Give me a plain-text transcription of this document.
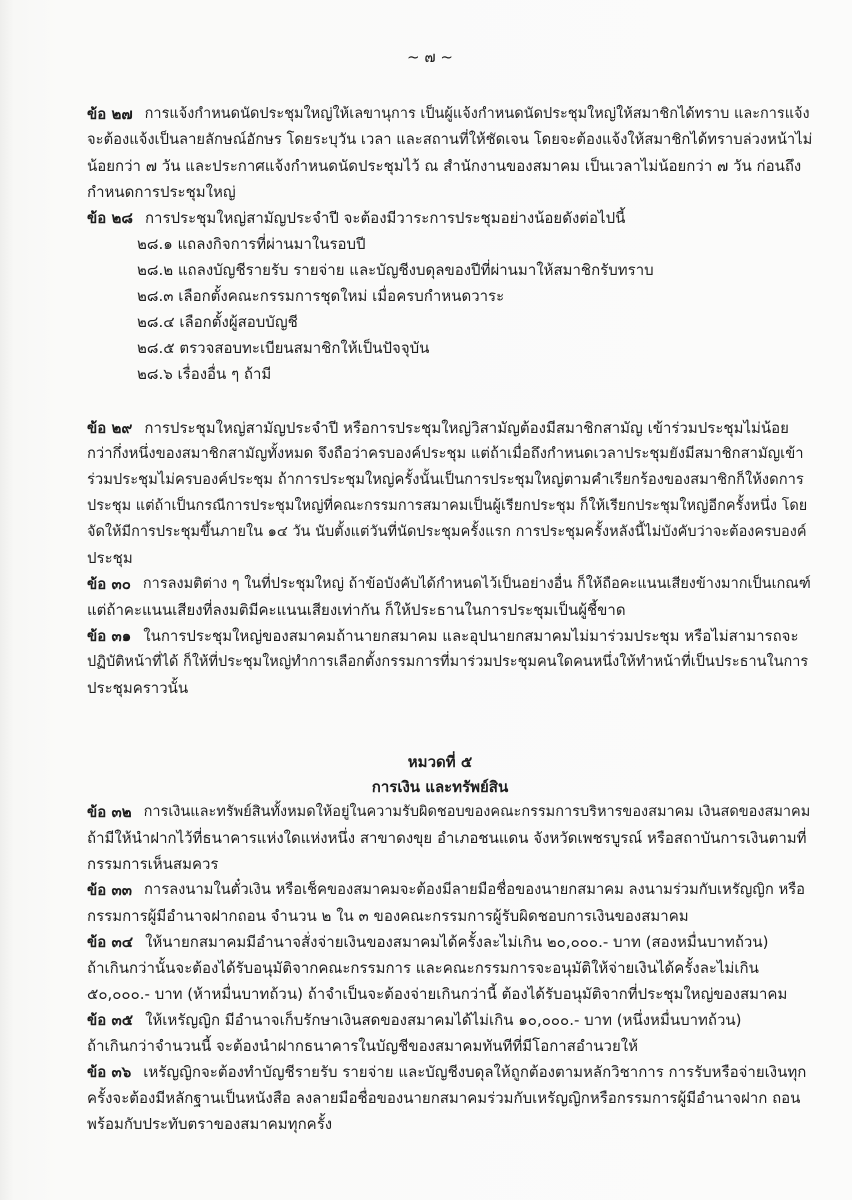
~ ๗ ~
ข้อ ๒๗ การแจ้งกำหนดนัดประชุมใหญ่ให้เลขานุการ เป็นผู้แจ้งกำหนดนัดประชุมใหญ่ให้สมาชิกได้ทราบ และการแจ้ง
จะต้องแจ้งเป็นลายลักษณ์อักษร โดยระบุวัน เวลา และสถานที่ให้ชัดเจน โดยจะต้องแจ้งให้สมาชิกได้ทราบล่วงหน้าไม่
น้อยกว่า ๗ วัน และประกาศแจ้งกำหนดนัดประชุมไว้ ณ สำนักงานของสมาคม เป็นเวลาไม่น้อยกว่า ๗ วัน ก่อนถึง
กำหนดการประชุมใหญ่
ข้อ ๒๘ การประชุมใหญ่สามัญประจำปี จะต้องมีวาระการประชุมอย่างน้อยดังต่อไปนี้
๒๘.๑ แถลงกิจการที่ผ่านมาในรอบปี
๒๘.๒ แถลงบัญชีรายรับ รายจ่าย และบัญชีงบดุลของปีที่ผ่านมาให้สมาชิกรับทราบ
๒๘.๓ เลือกตั้งคณะกรรมการชุดใหม่ เมื่อครบกำหนดวาระ
๒๘.๔ เลือกตั้งผู้สอบบัญชี
๒๘.๕ ตรวจสอบทะเบียนสมาชิกให้เป็นปัจจุบัน
๒๘.๖ เรื่องอื่น ๆ ถ้ามี
ข้อ ๒๙ การประชุมใหญ่สามัญประจำปี หรือการประชุมใหญ่วิสามัญต้องมีสมาชิกสามัญ เข้าร่วมประชุมไม่น้อย
กว่ากึ่งหนึ่งของสมาชิกสามัญทั้งหมด จึงถือว่าครบองค์ประชุม แต่ถ้าเมื่อถึงกำหนดเวลาประชุมยังมีสมาชิกสามัญเข้า
ร่วมประชุมไม่ครบองค์ประชุม ถ้าการประชุมใหญ่ครั้งนั้นเป็นการประชุมใหญ่ตามคำเรียกร้องของสมาชิกก็ให้งดการ
ประชุม แต่ถ้าเป็นกรณีการประชุมใหญ่ที่คณะกรรมการสมาคมเป็นผู้เรียกประชุม ก็ให้เรียกประชุมใหญ่อีกครั้งหนึ่ง โดย
จัดให้มีการประชุมขึ้นภายใน ๑๔ วัน นับตั้งแต่วันที่นัดประชุมครั้งแรก การประชุมครั้งหลังนี้ไม่บังคับว่าจะต้องครบองค์
ประชุม
ข้อ ๓๐ การลงมติต่าง ๆ ในที่ประชุมใหญ่ ถ้าข้อบังคับได้กำหนดไว้เป็นอย่างอื่น ก็ให้ถือคะแนนเสียงข้างมากเป็นเกณฑ์
แต่ถ้าคะแนนเสียงที่ลงมติมีคะแนนเสียงเท่ากัน ก็ให้ประธานในการประชุมเป็นผู้ชี้ขาด
ข้อ ๓๑ ในการประชุมใหญ่ของสมาคมถ้านายกสมาคม และอุปนายกสมาคมไม่มาร่วมประชุม หรือไม่สามารถจะ
ปฏิบัติหน้าที่ได้ ก็ให้ที่ประชุมใหญ่ทำการเลือกตั้งกรรมการที่มาร่วมประชุมคนใดคนหนึ่งให้ทำหน้าที่เป็นประธานในการ
ประชุมคราวนั้น
หมวดที่ ๕
การเงิน และทรัพย์สิน
ข้อ ๓๒ การเงินและทรัพย์สินทั้งหมดให้อยู่ในความรับผิดชอบของคณะกรรมการบริหารของสมาคม เงินสดของสมาคม
ถ้ามีให้นำฝากไว้ที่ธนาคารแห่งใดแห่งหนึ่ง สาขาดงขุย อำเภอชนแดน จังหวัดเพชรบูรณ์ หรือสถาบันการเงินตามที่
กรรมการเห็นสมควร
ข้อ ๓๓ การลงนามในตั๋วเงิน หรือเช็คของสมาคมจะต้องมีลายมือชื่อของนายกสมาคม ลงนามร่วมกับเหรัญญิก หรือ
กรรมการผู้มีอำนาจฝากถอน จำนวน ๒ ใน ๓ ของคณะกรรมการผู้รับผิดชอบการเงินของสมาคม
ข้อ ๓๔ ให้นายกสมาคมมีอำนาจสั่งจ่ายเงินของสมาคมได้ครั้งละไม่เกิน ๒๐,๐๐๐.- บาท (สองหมื่นบาทถ้วน)
ถ้าเกินกว่านั้นจะต้องได้รับอนุมัติจากคณะกรรมการ และคณะกรรมการจะอนุมัติให้จ่ายเงินได้ครั้งละไม่เกิน
๕๐,๐๐๐.- บาท (ห้าหมื่นบาทถ้วน) ถ้าจำเป็นจะต้องจ่ายเกินกว่านี้ ต้องได้รับอนุมัติจากที่ประชุมใหญ่ของสมาคม
ข้อ ๓๕ ให้เหรัญญิก มีอำนาจเก็บรักษาเงินสดของสมาคมได้ไม่เกิน ๑๐,๐๐๐.- บาท (หนึ่งหมื่นบาทถ้วน)
ถ้าเกินกว่าจำนวนนี้ จะต้องนำฝากธนาคารในบัญชีของสมาคมทันทีที่มีโอกาสอำนวยให้
ข้อ ๓๖ เหรัญญิกจะต้องทำบัญชีรายรับ รายจ่าย และบัญชีงบดุลให้ถูกต้องตามหลักวิชาการ การรับหรือจ่ายเงินทุก
ครั้งจะต้องมีหลักฐานเป็นหนังสือ ลงลายมือชื่อของนายกสมาคมร่วมกับเหรัญญิกหรือกรรมการผู้มีอำนาจฝาก ถอน
พร้อมกับประทับตราของสมาคมทุกครั้ง
